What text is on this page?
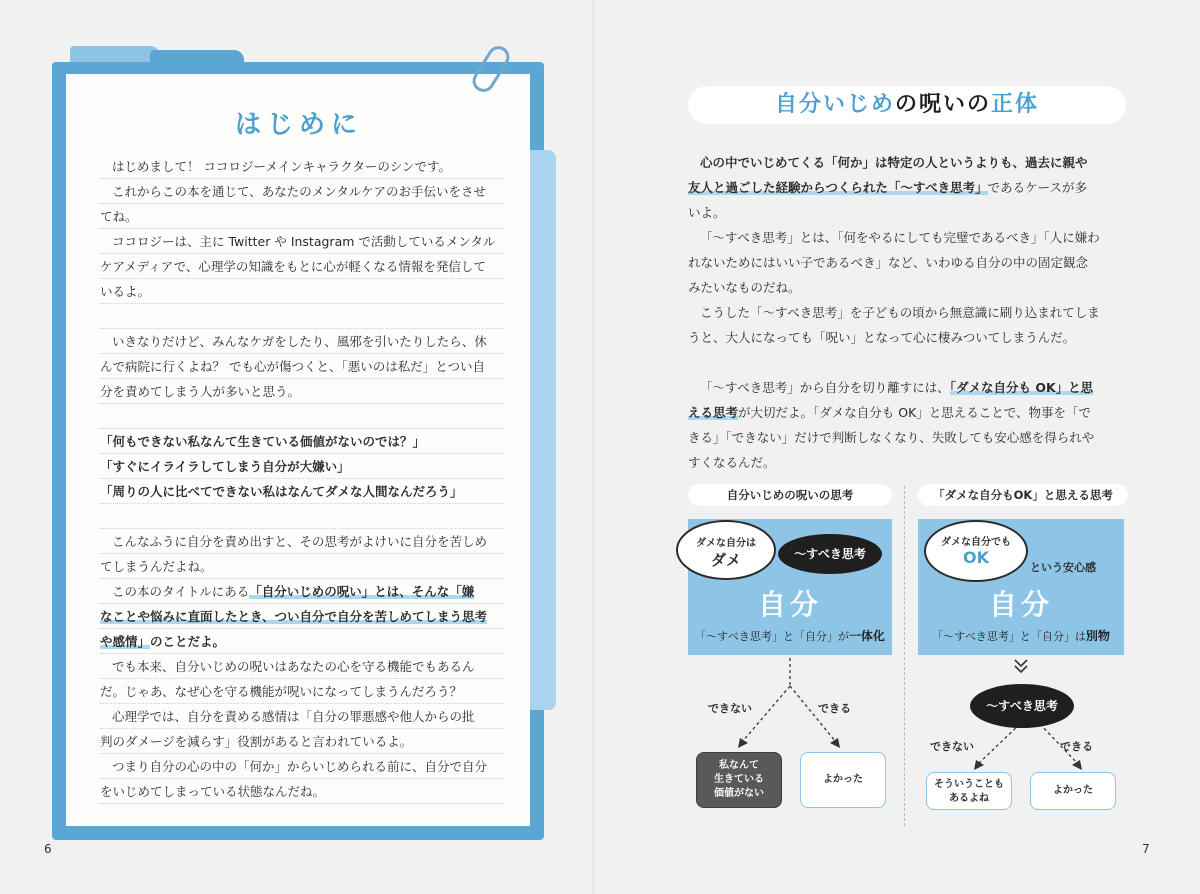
はじめに
はじめまして！ ココロジーメインキャラクターのシンです。
これからこの本を通じて、あなたのメンタルケアのお手伝いをさせ
てね。
ココロジーは、主に Twitter や Instagram で活動しているメンタル
ケアメディアで、心理学の知識をもとに心が軽くなる情報を発信して
いるよ。
いきなりだけど、みんなケガをしたり、風邪を引いたりしたら、休
んで病院に行くよね？ でも心が傷つくと、「悪いのは私だ」とつい自
分を責めてしまう人が多いと思う。
「何もできない私なんて生きている価値がないのでは？」
「すぐにイライラしてしまう自分が大嫌い」
「周りの人に比べてできない私はなんてダメな人間なんだろう」
こんなふうに自分を責め出すと、その思考がよけいに自分を苦しめ
てしまうんだよね。
この本のタイトルにある「自分いじめの呪い」とは、そんな「嫌
なことや悩みに直面したとき、つい自分で自分を苦しめてしまう思考
や感情」のことだよ。
でも本来、自分いじめの呪いはあなたの心を守る機能でもあるん
だ。じゃあ、なぜ心を守る機能が呪いになってしまうんだろう？
心理学では、自分を責める感情は「自分の罪悪感や他人からの批
判のダメージを減らす」役割があると言われているよ。
つまり自分の心の中の「何か」からいじめられる前に、自分で自分
をいじめてしまっている状態なんだね。
6
自分いじめの呪いの正体
心の中でいじめてくる「何か」は特定の人というよりも、過去に親や
友人と過ごした経験からつくられた「〜すべき思考」であるケースが多
いよ。
「〜すべき思考」とは、「何をやるにしても完璧であるべき」「人に嫌わ
れないためにはいい子であるべき」など、いわゆる自分の中の固定観念
みたいなものだね。
こうした「〜すべき思考」を子どもの頃から無意識に刷り込まれてしま
うと、大人になっても「呪い」となって心に棲みついてしまうんだ。
「〜すべき思考」から自分を切り離すには、「ダメな自分も OK」と思
える思考が大切だよ。「ダメな自分も OK」と思えることで、物事を「で
きる」「できない」だけで判断しなくなり、失敗しても安心感を得られや
すくなるんだ。
自分いじめの呪いの思考	「ダメな自分もOK」と思える思考
自分
「〜すべき思考」と「自分」が一体化
ダメな自分は
ダメ	〜すべき思考
自分
「〜すべき思考」と「自分」は別物
という安心感
ダメな自分でも
OK
できない	できる
私なんて
生きている
価値がない
よかった
〜すべき思考
できない	できる
そういうことも
あるよね
よかった
7
